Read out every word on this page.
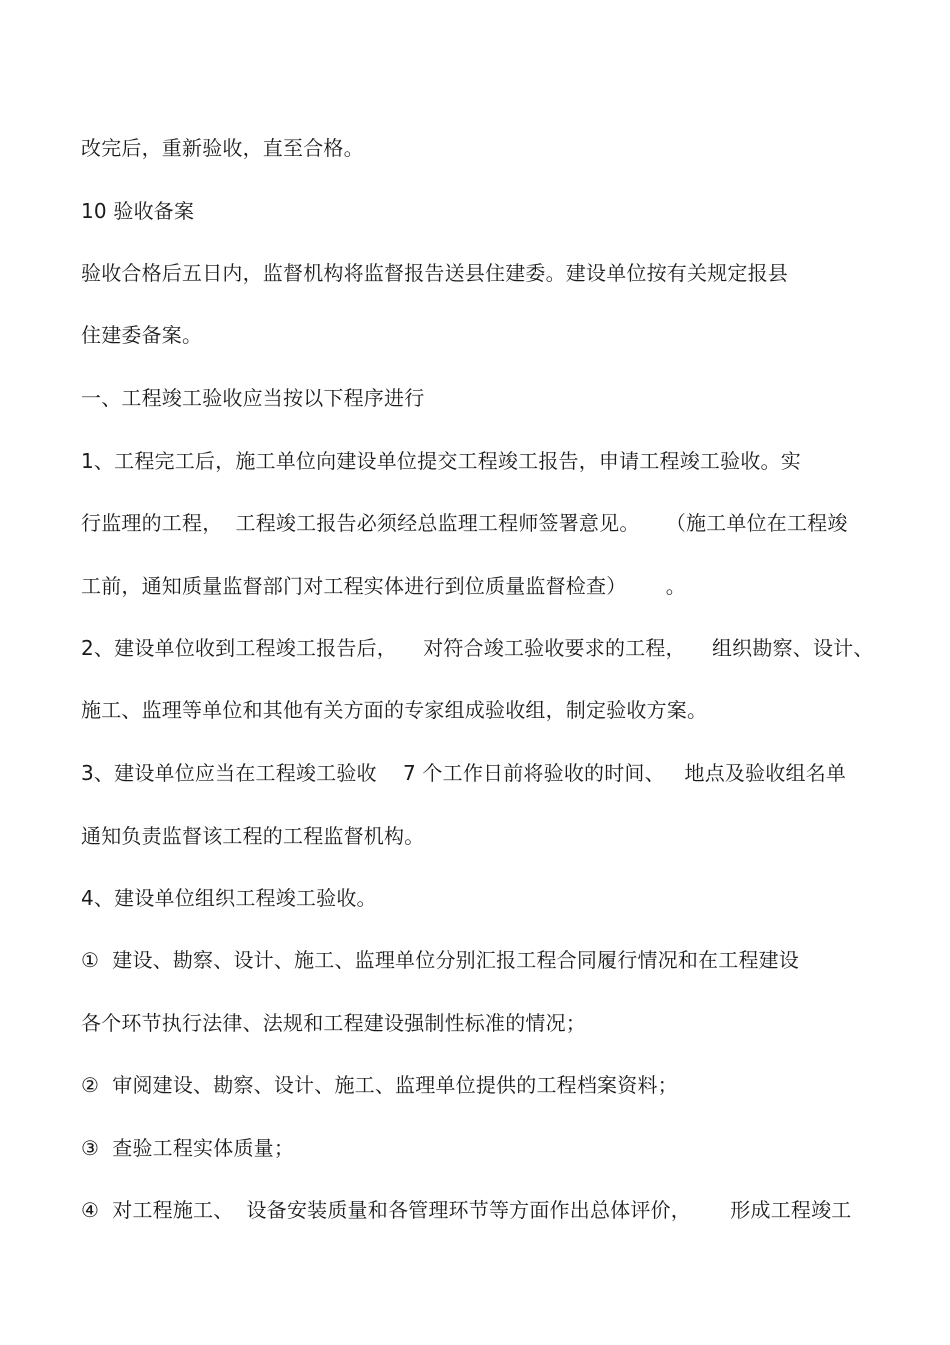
改完后，重新验收，直至合格。
10 验收备案
验收合格后五日内，监督机构将监督报告送县住建委。建设单位按有关规定报县
住建委备案。
一、工程竣工验收应当按以下程序进行
1、工程完工后，施工单位向建设单位提交工程竣工报告，申请工程竣工验收。实
行监理的工程，  工程竣工报告必须经总监理工程师签署意见。    （施工单位在工程竣
工前，通知质量监督部门对工程实体进行到位质量监督检查）      。
2、建设单位收到工程竣工报告后，    对符合竣工验收要求的工程，    组织勘察、设计、
施工、监理等单位和其他有关方面的专家组成验收组，制定验收方案。
3、建设单位应当在工程竣工验收    7 个工作日前将验收的时间、   地点及验收组名单
通知负责监督该工程的工程监督机构。
4、建设单位组织工程竣工验收。
①  建设、勘察、设计、施工、监理单位分别汇报工程合同履行情况和在工程建设
各个环节执行法律、法规和工程建设强制性标准的情况；
②  审阅建设、勘察、设计、施工、监理单位提供的工程档案资料；
③  查验工程实体质量；
④  对工程施工、  设备安装质量和各管理环节等方面作出总体评价，      形成工程竣工
